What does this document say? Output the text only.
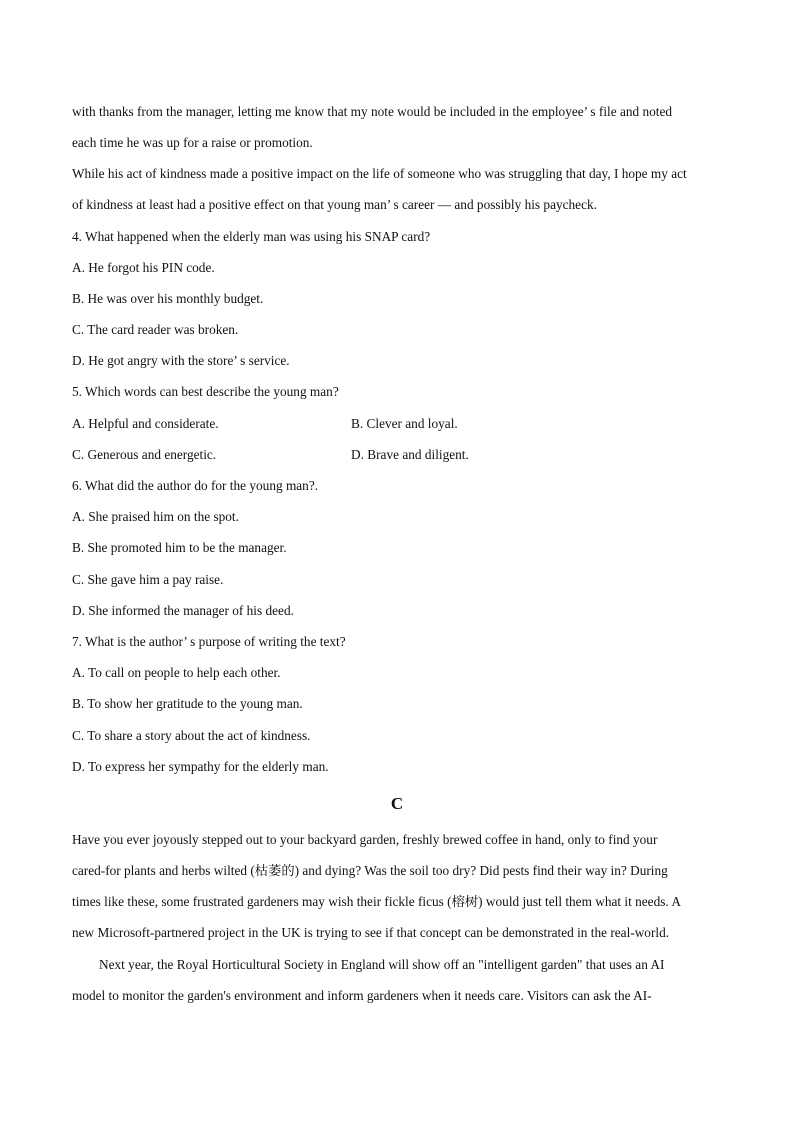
with thanks from the manager, letting me know that my note would be included in the employee’ s file and noted
each time he was up for a raise or promotion.
While his act of kindness made a positive impact on the life of someone who was struggling that day, I hope my act
of kindness at least had a positive effect on that young man’ s career — and possibly his paycheck.
4. What happened when the elderly man was using his SNAP card?
A. He forgot his PIN code.
B. He was over his monthly budget.
C. The card reader was broken.
D. He got angry with the store’ s service.
5. Which words can best describe the young man?
A. Helpful and considerate.	B. Clever and loyal.
C. Generous and energetic.	D. Brave and diligent.
6. What did the author do for the young man?.
A. She praised him on the spot.
B. She promoted him to be the manager.
C. She gave him a pay raise.
D. She informed the manager of his deed.
7. What is the author’ s purpose of writing the text?
A. To call on people to help each other.
B. To show her gratitude to the young man.
C. To share a story about the act of kindness.
D. To express her sympathy for the elderly man.
C
Have you ever joyously stepped out to your backyard garden, freshly brewed coffee in hand, only to find your
cared-for plants and herbs wilted (枯萎的) and dying? Was the soil too dry? Did pests find their way in? During
times like these, some frustrated gardeners may wish their fickle ficus (榕树) would just tell them what it needs. A
new Microsoft-partnered project in the UK is trying to see if that concept can be demonstrated in the real-world.
Next year, the Royal Horticultural Society in England will show off an "intelligent garden" that uses an AI
model to monitor the garden's environment and inform gardeners when it needs care. Visitors can ask the AI-
